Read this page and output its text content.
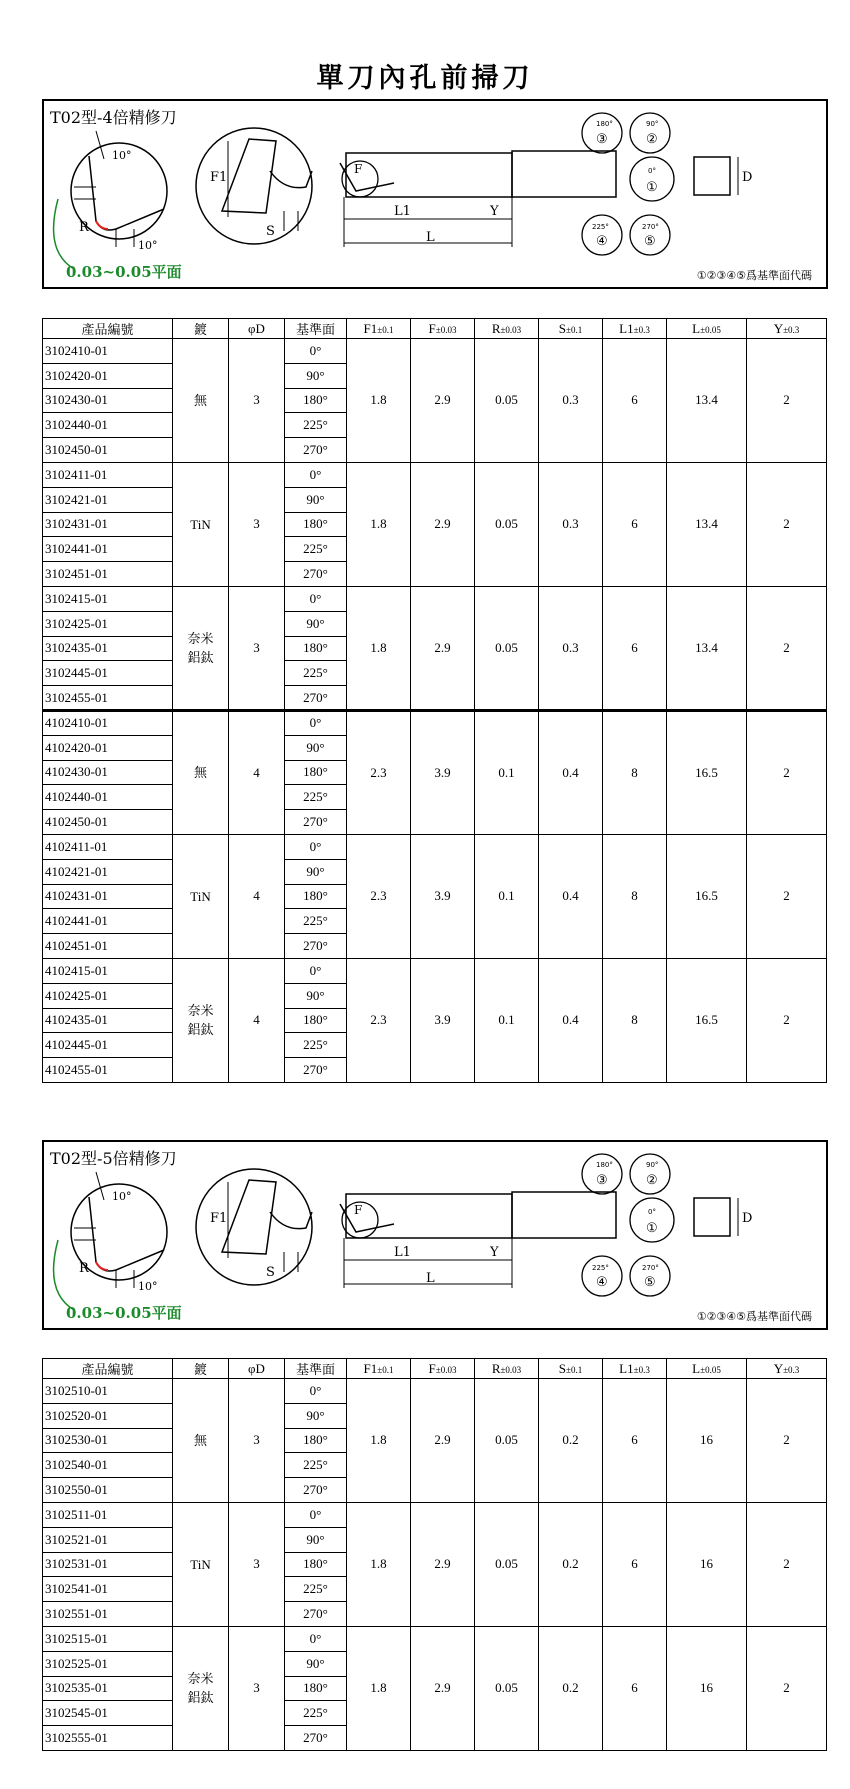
單刀內孔前掃刀
10°
10°
R
F1
S
F
L1
L
Y
D
180°
③
90°
②
0°
①
225°
④
270°
⑤
T02型-4倍精修刀
0.03~0.05平面	①②③④⑤爲基準面代碼
10°
10°
R
F1
S
F
L1
L
Y
D
180°
③
90°
②
0°
①
225°
④
270°
⑤
T02型-5倍精修刀
0.03~0.05平面	①②③④⑤爲基準面代碼
產品編號	鍍	φD	基準面	F1±0.1	F±0.03	R±0.03	S±0.1	L1±0.3	L±0.05	Y±0.3
3102410-01	無	3	0°	1.8	2.9	0.05	0.3	6	13.4	2
3102420-01			90°							
3102430-01			180°							
3102440-01			225°							
3102450-01			270°							
3102411-01	TiN	3	0°	1.8	2.9	0.05	0.3	6	13.4	2
3102421-01			90°							
3102431-01			180°							
3102441-01			225°							
3102451-01			270°							
3102415-01	奈米
鋁鈦	3	0°	1.8	2.9	0.05	0.3	6	13.4	2
3102425-01			90°							
3102435-01			180°							
3102445-01			225°							
3102455-01			270°							
4102410-01	無	4	0°	2.3	3.9	0.1	0.4	8	16.5	2
4102420-01			90°							
4102430-01			180°							
4102440-01			225°							
4102450-01			270°							
4102411-01	TiN	4	0°	2.3	3.9	0.1	0.4	8	16.5	2
4102421-01			90°							
4102431-01			180°							
4102441-01			225°							
4102451-01			270°							
4102415-01	奈米
鋁鈦	4	0°	2.3	3.9	0.1	0.4	8	16.5	2
4102425-01			90°							
4102435-01			180°							
4102445-01			225°							
4102455-01			270°							
產品編號	鍍	φD	基準面	F1±0.1	F±0.03	R±0.03	S±0.1	L1±0.3	L±0.05	Y±0.3
3102510-01	無	3	0°	1.8	2.9	0.05	0.2	6	16	2
3102520-01			90°							
3102530-01			180°							
3102540-01			225°							
3102550-01			270°							
3102511-01	TiN	3	0°	1.8	2.9	0.05	0.2	6	16	2
3102521-01			90°							
3102531-01			180°							
3102541-01			225°							
3102551-01			270°							
3102515-01	奈米
鋁鈦	3	0°	1.8	2.9	0.05	0.2	6	16	2
3102525-01			90°							
3102535-01			180°							
3102545-01			225°							
3102555-01			270°							
